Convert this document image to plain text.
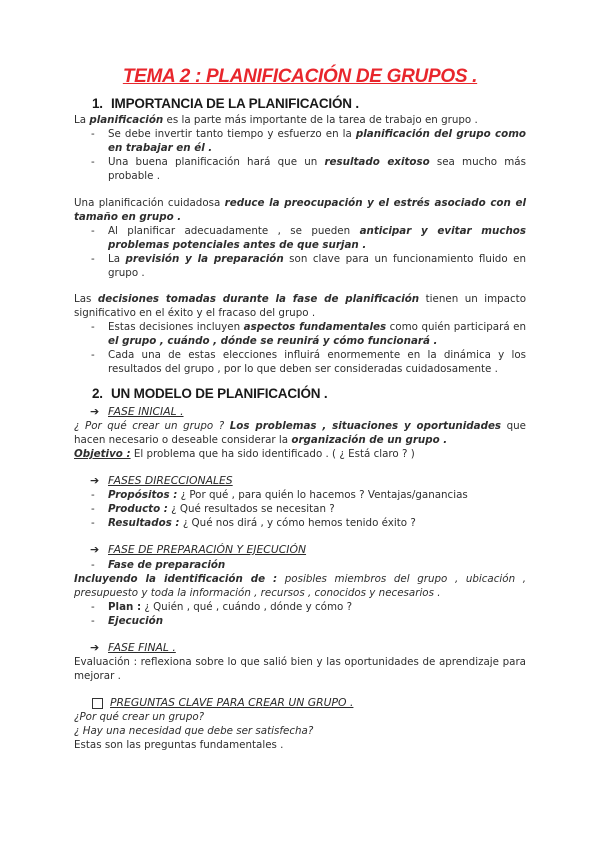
TEMA 2 : PLANIFICACIÓN DE GRUPOS .
1. IMPORTANCIA DE LA PLANIFICACIÓN .
La planificación es la parte más importante de la tarea de trabajo en grupo .
- Se debe invertir tanto tiempo y esfuerzo en la planificación del grupo como en trabajar en él .
- Una buena planificación hará que un resultado exitoso sea mucho más probable .
Una planificación cuidadosa reduce la preocupación y el estrés asociado con el tamaño en grupo .
- Al planificar adecuadamente , se pueden anticipar y evitar muchos problemas potenciales antes de que surjan .
- La previsión y la preparación son clave para un funcionamiento fluido en grupo .
Las decisiones tomadas durante la fase de planificación tienen un impacto significativo en el éxito y el fracaso del grupo .
- Estas decisiones incluyen aspectos fundamentales como quién participará en el grupo , cuándo , dónde se reunirá y cómo funcionará .
- Cada una de estas elecciones influirá enormemente en la dinámica y los resultados del grupo , por lo que deben ser consideradas cuidadosamente .
2. UN MODELO DE PLANIFICACIÓN .
➔ FASE INICIAL .
¿ Por qué crear un grupo ? Los problemas , situaciones y oportunidades que hacen necesario o deseable considerar la organización de un grupo .
Objetivo : El problema que ha sido identificado . ( ¿ Está claro ? )
➔ FASES DIRECCIONALES
- Propósitos : ¿ Por qué , para quién lo hacemos ? Ventajas/ganancias
- Producto : ¿ Qué resultados se necesitan ?
- Resultados : ¿ Qué nos dirá , y cómo hemos tenido éxito ?
➔ FASE DE PREPARACIÓN Y EJECUCIÓN
- Fase de preparación
Incluyendo la identificación de : posibles miembros del grupo , ubicación , presupuesto y toda la información , recursos , conocidos y necesarios .
- Plan : ¿ Quién , qué , cuándo , dónde y cómo ?
- Ejecución
➔ FASE FINAL .
Evaluación : reflexiona sobre lo que salió bien y las oportunidades de aprendizaje para mejorar .
PREGUNTAS CLAVE PARA CREAR UN GRUPO .
¿Por qué crear un grupo?
¿ Hay una necesidad que debe ser satisfecha?
Estas son las preguntas fundamentales .
